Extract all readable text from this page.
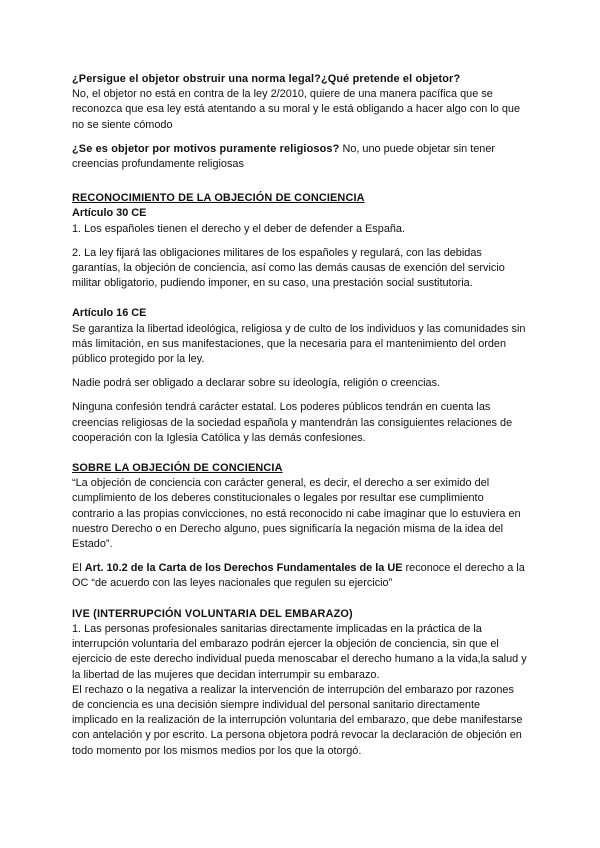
¿Persigue el objetor obstruir una norma legal?¿Qué pretende el objetor?

No, el objetor no está en contra de la ley 2/2010, quiere de una manera pacífica que se reconozca que esa ley está atentando a su moral y le está obligando a hacer algo con lo que no se siente cómodo

¿Se es objetor por motivos puramente religiosos? No, uno puede objetar sin tener creencias profundamente religiosas

RECONOCIMIENTO DE LA OBJECIÓN DE CONCIENCIA

Artículo 30 CE

1. Los españoles tienen el derecho y el deber de defender a España.

2. La ley fijará las obligaciones militares de los españoles y regulará, con las debidas garantías, la objeción de conciencia, así como las demás causas de exención del servicio militar obligatorio, pudiendo imponer, en su caso, una prestación social sustitutoria.

Artículo 16 CE

Se garantiza la libertad ideológica, religiosa y de culto de los individuos y las comunidades sin más limitación, en sus manifestaciones, que la necesaria para el mantenimiento del orden público protegido por la ley.

Nadie podrá ser obligado a declarar sobre su ideología, religión o creencias.

Ninguna confesión tendrá carácter estatal. Los poderes públicos tendrán en cuenta las creencias religiosas de la sociedad española y mantendrán las consiguientes relaciones de cooperación con la Iglesia Católica y las demás confesiones.

SOBRE LA OBJECIÓN DE CONCIENCIA

“La objeción de conciencia con carácter general, es decir, el derecho a ser eximido del cumplimiento de los deberes constitucionales o legales por resultar ese cumplimiento contrario a las propias convicciones, no está reconocido ni cabe imaginar que lo estuviera en nuestro Derecho o en Derecho alguno, pues significaría la negación misma de la idea del Estado”.

El Art. 10.2 de la Carta de los Derechos Fundamentales de la UE reconoce el derecho a la OC “de acuerdo con las leyes nacionales que regulen su ejercicio”

IVE (INTERRUPCIÓN VOLUNTARIA DEL EMBARAZO)

1. Las personas profesionales sanitarias directamente implicadas en la práctica de la interrupción voluntaria del embarazo podrán ejercer la objeción de conciencia, sin que el ejercicio de este derecho individual pueda menoscabar el derecho humano a la vida,la salud y la libertad de las mujeres que decidan interrumpir su embarazo.

El rechazo o la negativa a realizar la intervención de interrupción del embarazo por razones de conciencia es una decisión siempre individual del personal sanitario directamente implicado en la realización de la interrupción voluntaria del embarazo, que debe manifestarse con antelación y por escrito. La persona objetora podrá revocar la declaración de objeción en todo momento por los mismos medios por los que la otorgó.
